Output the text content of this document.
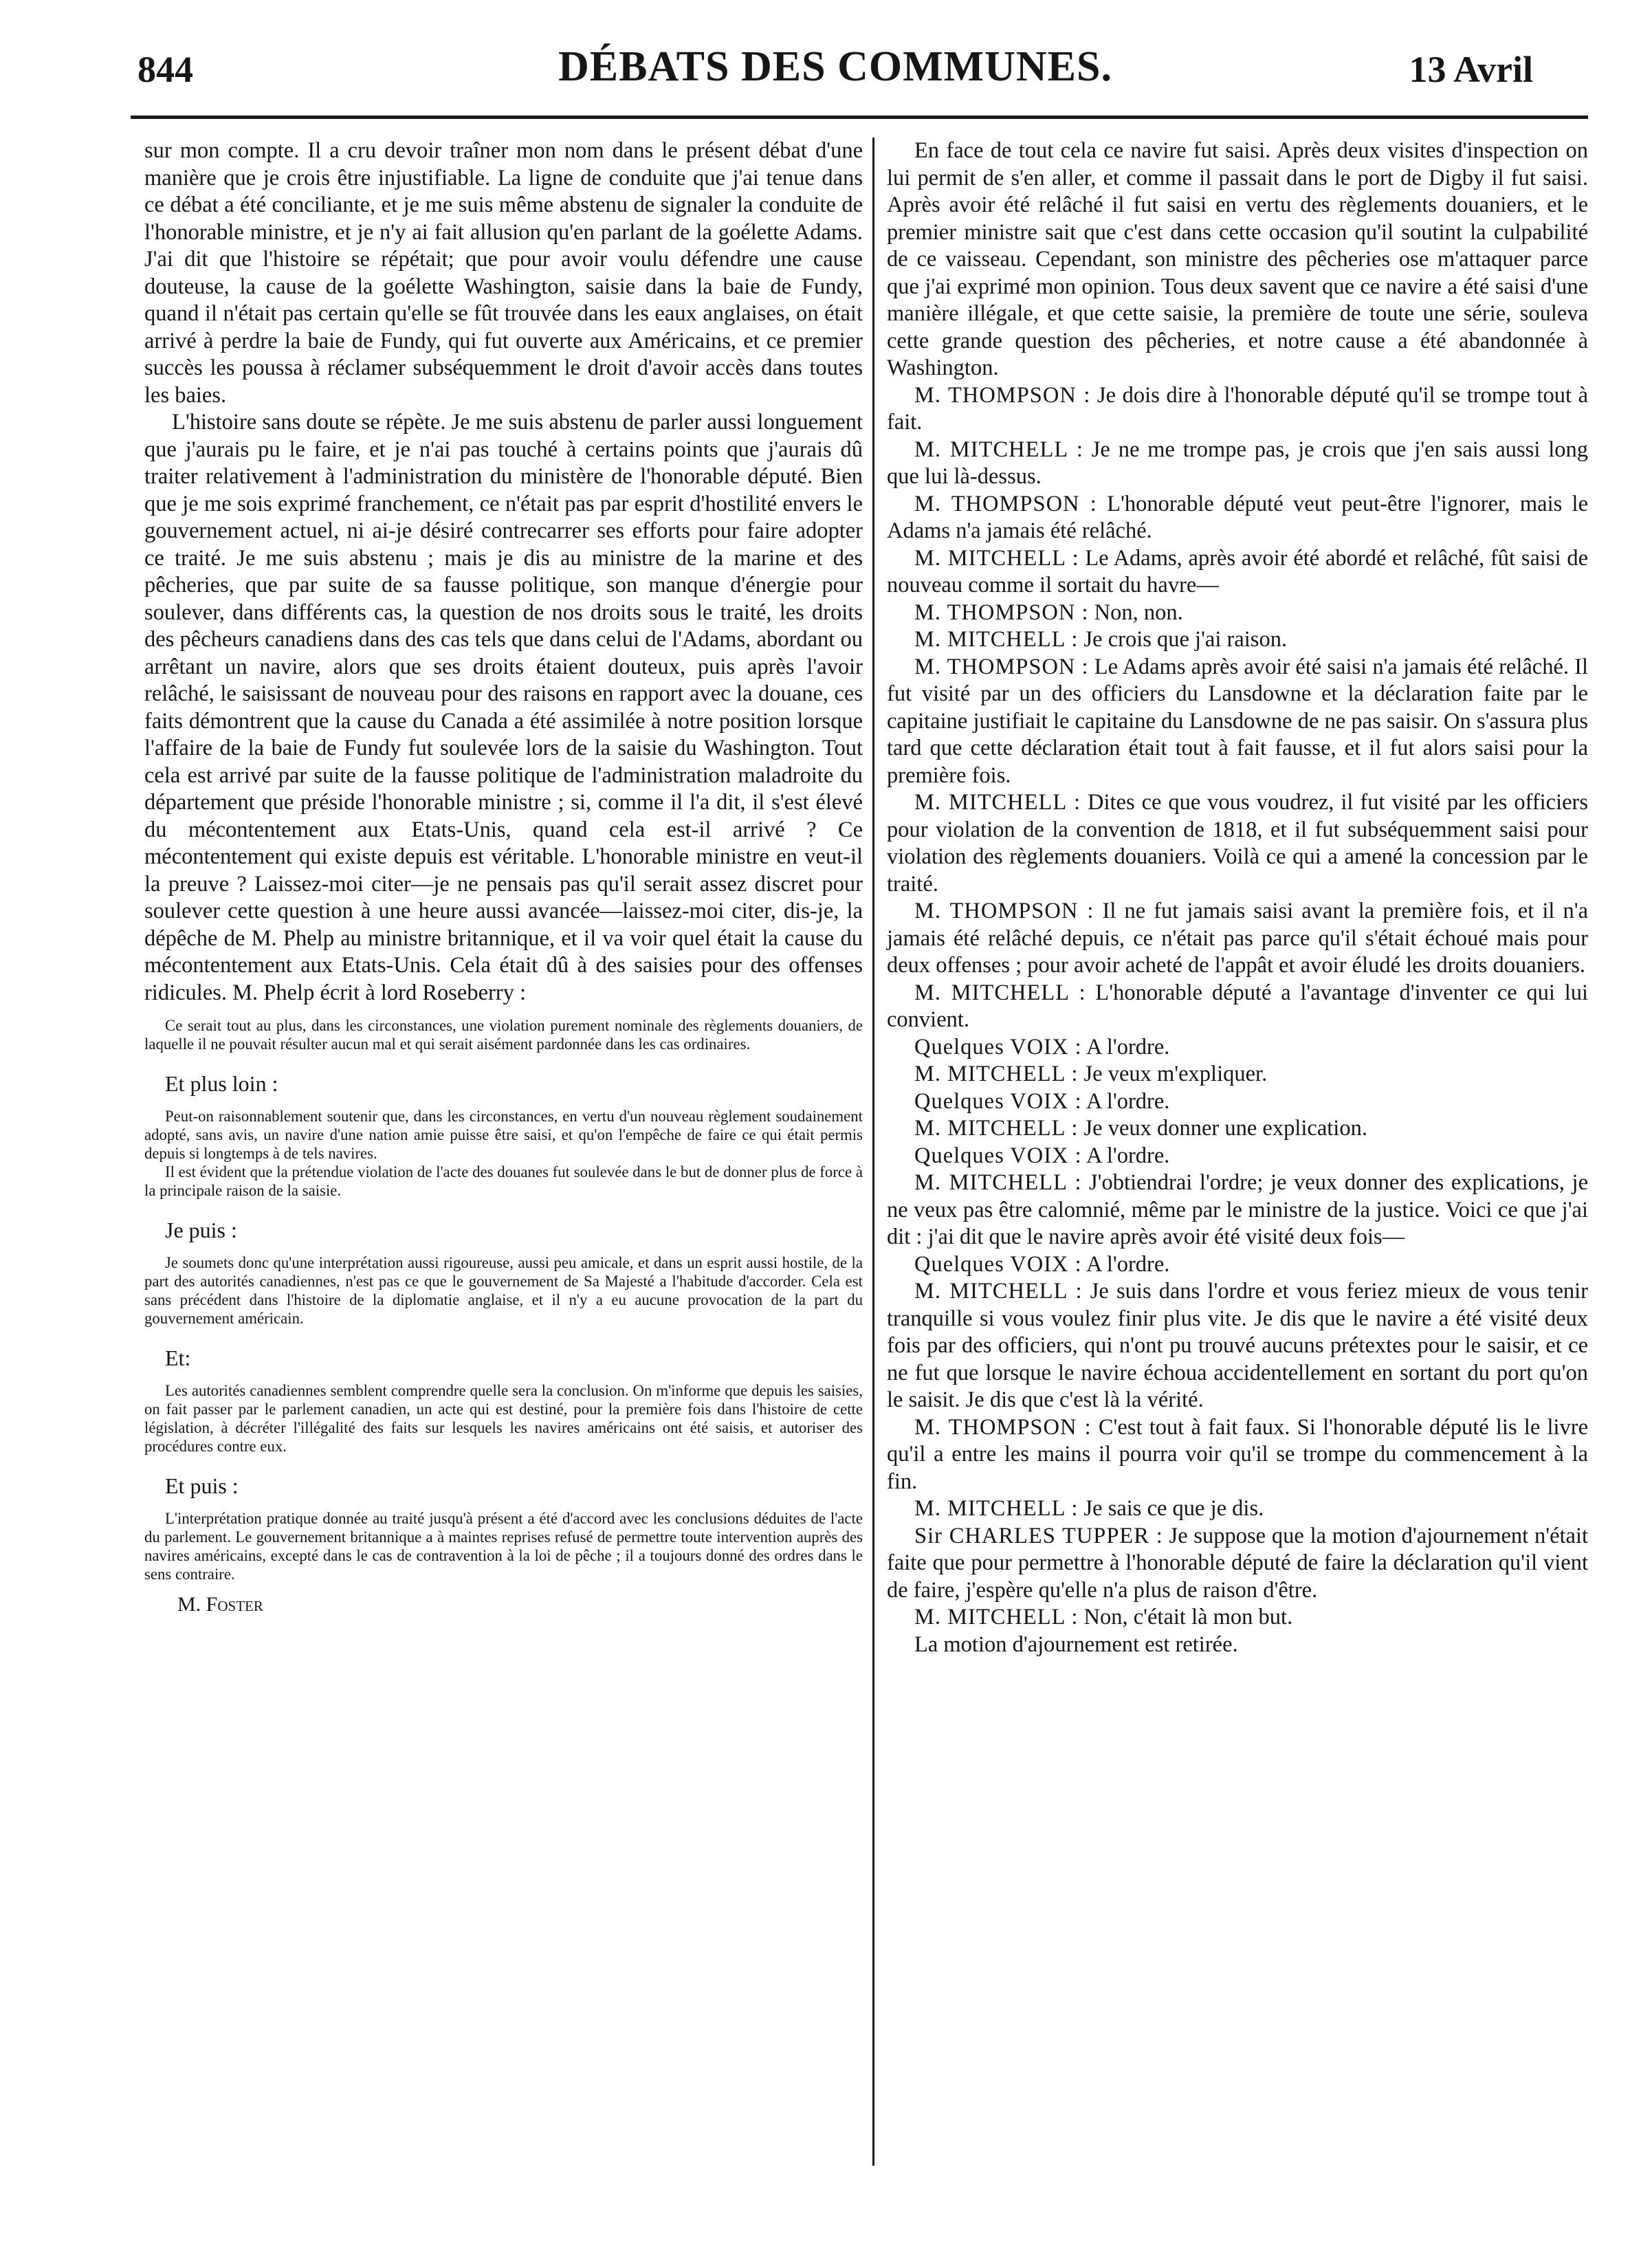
844	DÉBATS DES COMMUNES.	13 Avril

sur mon compte. Il a cru devoir traîner mon nom dans le présent débat d'une manière que je crois être injustifiable. La ligne de conduite que j'ai tenue dans ce débat a été conciliante, et je me suis même abstenu de signaler la conduite de l'honorable ministre, et je n'y ai fait allusion qu'en parlant de la goélette Adams. J'ai dit que l'histoire se répétait; que pour avoir voulu défendre une cause douteuse, la cause de la goélette Washington, saisie dans la baie de Fundy, quand il n'était pas certain qu'elle se fût trouvée dans les eaux anglaises, on était arrivé à perdre la baie de Fundy, qui fut ouverte aux Américains, et ce premier succès les poussa à réclamer subséquemment le droit d'avoir accès dans toutes les baies.

L'histoire sans doute se répète. Je me suis abstenu de parler aussi longuement que j'aurais pu le faire, et je n'ai pas touché à certains points que j'aurais dû traiter relativement à l'administration du ministère de l'honorable député. Bien que je me sois exprimé franchement, ce n'était pas par esprit d'hostilité envers le gouvernement actuel, ni ai-je désiré contrecarrer ses efforts pour faire adopter ce traité. Je me suis abstenu ; mais je dis au ministre de la marine et des pêcheries, que par suite de sa fausse politique, son manque d'énergie pour soulever, dans différents cas, la question de nos droits sous le traité, les droits des pêcheurs canadiens dans des cas tels que dans celui de l'Adams, abordant ou arrêtant un navire, alors que ses droits étaient douteux, puis après l'avoir relâché, le saisissant de nouveau pour des raisons en rapport avec la douane, ces faits démontrent que la cause du Canada a été assimilée à notre position lorsque l'affaire de la baie de Fundy fut soulevée lors de la saisie du Washington. Tout cela est arrivé par suite de la fausse politique de l'administration maladroite du département que préside l'honorable ministre ; si, comme il l'a dit, il s'est élevé du mécontentement aux Etats-Unis, quand cela est-il arrivé ? Ce mécontentement qui existe depuis est véritable. L'honorable ministre en veut-il la preuve ? Laissez-moi citer—je ne pensais pas qu'il serait assez discret pour soulever cette question à une heure aussi avancée—laissez-moi citer, dis-je, la dépêche de M. Phelp au ministre britannique, et il va voir quel était la cause du mécontentement aux Etats-Unis. Cela était dû à des saisies pour des offenses ridicules. M. Phelp écrit à lord Roseberry :

Ce serait tout au plus, dans les circonstances, une violation purement nominale des règlements douaniers, de laquelle il ne pouvait résulter aucun mal et qui serait aisément pardonnée dans les cas ordinaires.

Et plus loin :

Peut-on raisonnablement soutenir que, dans les circonstances, en vertu d'un nouveau règlement soudainement adopté, sans avis, un navire d'une nation amie puisse être saisi, et qu'on l'empêche de faire ce qui était permis depuis si longtemps à de tels navires.

Il est évident que la prétendue violation de l'acte des douanes fut soulevée dans le but de donner plus de force à la principale raison de la saisie.

Je puis :

Je soumets donc qu'une interprétation aussi rigoureuse, aussi peu amicale, et dans un esprit aussi hostile, de la part des autorités canadiennes, n'est pas ce que le gouvernement de Sa Majesté a l'habitude d'accorder. Cela est sans précédent dans l'histoire de la diplomatie anglaise, et il n'y a eu aucune provocation de la part du gouvernement américain.

Et:

Les autorités canadiennes semblent comprendre quelle sera la conclusion. On m'informe que depuis les saisies, on fait passer par le parlement canadien, un acte qui est destiné, pour la première fois dans l'histoire de cette législation, à décréter l'illégalité des faits sur lesquels les navires américains ont été saisis, et autoriser des procédures contre eux.

Et puis :

L'interprétation pratique donnée au traité jusqu'à présent a été d'accord avec les conclusions déduites de l'acte du parlement. Le gouvernement britannique a à maintes reprises refusé de permettre toute intervention auprès des navires américains, excepté dans le cas de contravention à la loi de pêche ; il a toujours donné des ordres dans le sens contraire.

M. Foster

En face de tout cela ce navire fut saisi. Après deux visites d'inspection on lui permit de s'en aller, et comme il passait dans le port de Digby il fut saisi. Après avoir été relâché il fut saisi en vertu des règlements douaniers, et le premier ministre sait que c'est dans cette occasion qu'il soutint la culpabilité de ce vaisseau. Cependant, son ministre des pêcheries ose m'attaquer parce que j'ai exprimé mon opinion. Tous deux savent que ce navire a été saisi d'une manière illégale, et que cette saisie, la première de toute une série, souleva cette grande question des pêcheries, et notre cause a été abandonnée à Washington.

M. THOMPSON : Je dois dire à l'honorable député qu'il se trompe tout à fait.

M. MITCHELL : Je ne me trompe pas, je crois que j'en sais aussi long que lui là-dessus.

M. THOMPSON : L'honorable député veut peut-être l'ignorer, mais le Adams n'a jamais été relâché.

M. MITCHELL : Le Adams, après avoir été abordé et relâché, fût saisi de nouveau comme il sortait du havre—

M. THOMPSON : Non, non.

M. MITCHELL : Je crois que j'ai raison.

M. THOMPSON : Le Adams après avoir été saisi n'a jamais été relâché. Il fut visité par un des officiers du Lansdowne et la déclaration faite par le capitaine justifiait le capitaine du Lansdowne de ne pas saisir. On s'assura plus tard que cette déclaration était tout à fait fausse, et il fut alors saisi pour la première fois.

M. MITCHELL : Dites ce que vous voudrez, il fut visité par les officiers pour violation de la convention de 1818, et il fut subséquemment saisi pour violation des règlements douaniers. Voilà ce qui a amené la concession par le traité.

M. THOMPSON : Il ne fut jamais saisi avant la première fois, et il n'a jamais été relâché depuis, ce n'était pas parce qu'il s'était échoué mais pour deux offenses ; pour avoir acheté de l'appât et avoir éludé les droits douaniers.

M. MITCHELL : L'honorable député a l'avantage d'inventer ce qui lui convient.

Quelques VOIX : A l'ordre.

M. MITCHELL : Je veux m'expliquer.

Quelques VOIX : A l'ordre.

M. MITCHELL : Je veux donner une explication.

Quelques VOIX : A l'ordre.

M. MITCHELL : J'obtiendrai l'ordre; je veux donner des explications, je ne veux pas être calomnié, même par le ministre de la justice. Voici ce que j'ai dit : j'ai dit que le navire après avoir été visité deux fois—

Quelques VOIX : A l'ordre.

M. MITCHELL : Je suis dans l'ordre et vous feriez mieux de vous tenir tranquille si vous voulez finir plus vite. Je dis que le navire a été visité deux fois par des officiers, qui n'ont pu trouvé aucuns prétextes pour le saisir, et ce ne fut que lorsque le navire échoua accidentellement en sortant du port qu'on le saisit. Je dis que c'est là la vérité.

M. THOMPSON : C'est tout à fait faux. Si l'honorable député lis le livre qu'il a entre les mains il pourra voir qu'il se trompe du commencement à la fin.

M. MITCHELL : Je sais ce que je dis.

Sir CHARLES TUPPER : Je suppose que la motion d'ajournement n'était faite que pour permettre à l'honorable député de faire la déclaration qu'il vient de faire, j'espère qu'elle n'a plus de raison d'être.

M. MITCHELL : Non, c'était là mon but.

La motion d'ajournement est retirée.
